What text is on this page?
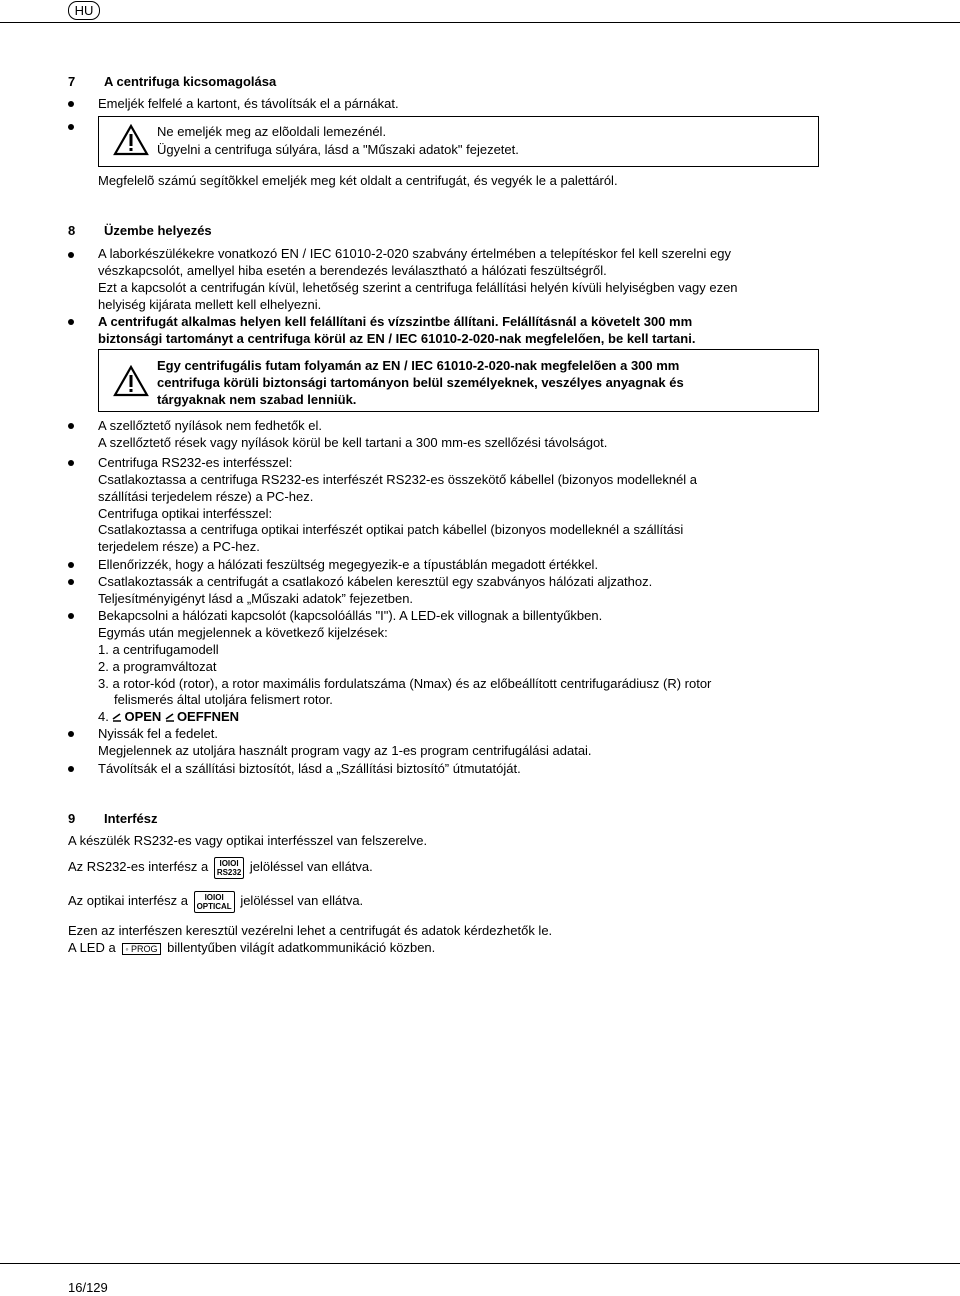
HU
7 A centrifuga kicsomagolása
Emeljék felfelé a kartont, és távolítsák el a párnákat.
Ne emeljék meg az elõoldali lemezénél.
Ügyelni a centrifuga súlyára, lásd a "Műszaki adatok" fejezetet.
Megfelelõ számú segítõkkel emeljék meg két oldalt a centrifugát, és vegyék le a palettáról.
8 Üzembe helyezés
A laborkészülékekre vonatkozó EN / IEC 61010-2-020 szabvány értelmében a telepítéskor fel kell szerelni egy
vészkapcsolót, amellyel hiba esetén a berendezés leválasztható a hálózati feszültségről.
Ezt a kapcsolót a centrifugán kívül, lehetőség szerint a centrifuga felállítási helyén kívüli helyiségben vagy ezen
helyiség kijárata mellett kell elhelyezni.
A centrifugát alkalmas helyen kell felállítani és vízszintbe állítani. Felállításnál a követelt 300 mm
biztonsági tartományt a centrifuga körül az EN / IEC 61010-2-020-nak megfelelően, be kell tartani.
Egy centrifugális futam folyamán az EN / IEC 61010-2-020-nak megfelelõen a 300 mm
centrifuga körüli biztonsági tartományon belül személyeknek, veszélyes anyagnak és
tárgyaknak nem szabad lenniük.
A szellőztető nyílások nem fedhetők el.
A szellőztető rések vagy nyílások körül be kell tartani a 300 mm-es szellőzési távolságot.
Centrifuga RS232-es interfésszel:
Csatlakoztassa a centrifuga RS232-es interfészét RS232-es összekötő kábellel (bizonyos modelleknél a
szállítási terjedelem része) a PC-hez.
Centrifuga optikai interfésszel:
Csatlakoztassa a centrifuga optikai interfészét optikai patch kábellel (bizonyos modelleknél a szállítási
terjedelem része) a PC-hez.
Ellenőrizzék, hogy a hálózati feszültség megegyezik-e a típustáblán megadott értékkel.
Csatlakoztassák a centrifugát a csatlakozó kábelen keresztül egy szabványos hálózati aljzathoz.
Teljesítményigényt lásd a „Műszaki adatok” fejezetben.
Bekapcsolni a hálózati kapcsolót (kapcsolóállás "I"). A LED-ek villognak a billentyűkben.
Egymás után megjelennek a következő kijelzések:
1. a centrifugamodell
2. a programváltozat
3. a rotor-kód (rotor), a rotor maximális fordulatszáma (Nmax) és az előbeállított centrifugarádiusz (R) rotor
felismerés által utoljára felismert rotor.
4. OPEN OEFFNEN
Nyissák fel a fedelet.
Megjelennek az utoljára használt program vagy az 1-es program centrifugálási adatai.
Távolítsák el a szállítási biztosítót, lásd a „Szállítási biztosító” útmutatóját.
9 Interfész
A készülék RS232-es vagy optikai interfésszel van felszerelve.
Az RS232-es interfész a IOIOI
RS232 jelöléssel van ellátva.
Az optikai interfész a IOIOI
OPTICAL jelöléssel van ellátva.
Ezen az interfészen keresztül vezérelni lehet a centrifugát és adatok kérdezhetők le.
A LED a ◦ PROG billentyűben világít adatkommunikáció közben.
16/129
